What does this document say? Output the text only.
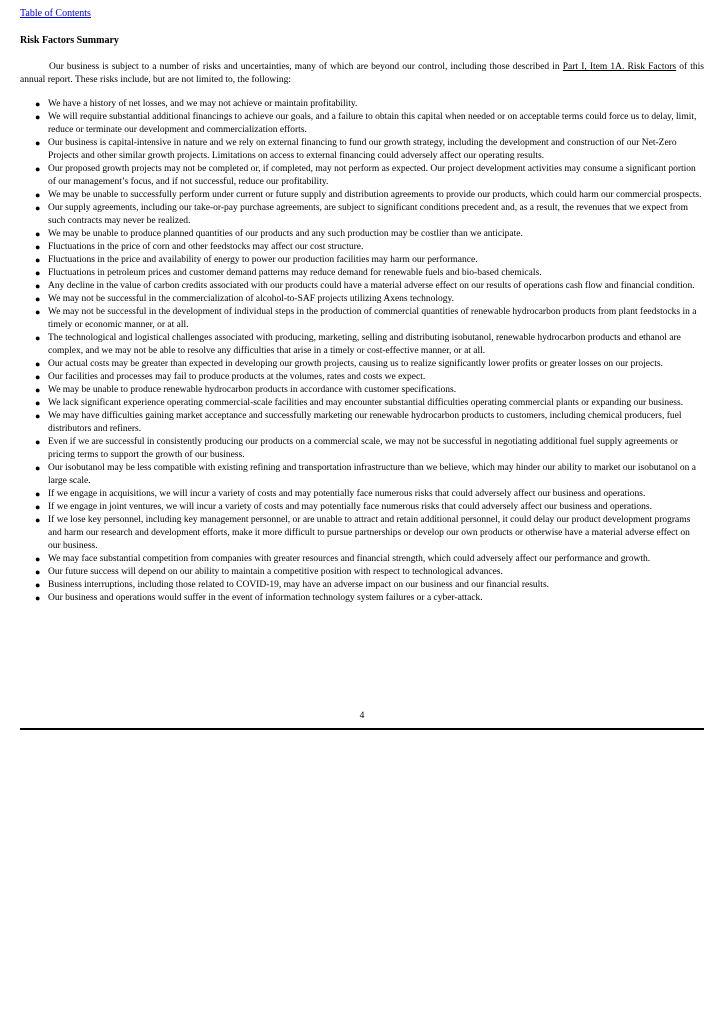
Table of Contents
Risk Factors Summary

Our business is subject to a number of risks and uncertainties, many of which are beyond our control, including those described in Part I, Item 1A. Risk Factors of this annual report. These risks include, but are not limited to, the following:

● We have a history of net losses, and we may not achieve or maintain profitability.
● We will require substantial additional financings to achieve our goals, and a failure to obtain this capital when needed or on acceptable terms could force us to delay, limit, reduce or terminate our development and commercialization efforts.
● Our business is capital-intensive in nature and we rely on external financing to fund our growth strategy, including the development and construction of our Net-Zero Projects and other similar growth projects. Limitations on access to external financing could adversely affect our operating results.
● Our proposed growth projects may not be completed or, if completed, may not perform as expected. Our project development activities may consume a significant portion of our management’s focus, and if not successful, reduce our profitability.
● We may be unable to successfully perform under current or future supply and distribution agreements to provide our products, which could harm our commercial prospects.
● Our supply agreements, including our take-or-pay purchase agreements, are subject to significant conditions precedent and, as a result, the revenues that we expect from such contracts may never be realized.
● We may be unable to produce planned quantities of our products and any such production may be costlier than we anticipate.
● Fluctuations in the price of corn and other feedstocks may affect our cost structure.
● Fluctuations in the price and availability of energy to power our production facilities may harm our performance.
● Fluctuations in petroleum prices and customer demand patterns may reduce demand for renewable fuels and bio-based chemicals.
● Any decline in the value of carbon credits associated with our products could have a material adverse effect on our results of operations cash flow and financial condition.
● We may not be successful in the commercialization of alcohol-to-SAF projects utilizing Axens technology.
● We may not be successful in the development of individual steps in the production of commercial quantities of renewable hydrocarbon products from plant feedstocks in a timely or economic manner, or at all.
● The technological and logistical challenges associated with producing, marketing, selling and distributing isobutanol, renewable hydrocarbon products and ethanol are complex, and we may not be able to resolve any difficulties that arise in a timely or cost-effective manner, or at all.
● Our actual costs may be greater than expected in developing our growth projects, causing us to realize significantly lower profits or greater losses on our projects.
● Our facilities and processes may fail to produce products at the volumes, rates and costs we expect.
● We may be unable to produce renewable hydrocarbon products in accordance with customer specifications.
● We lack significant experience operating commercial-scale facilities and may encounter substantial difficulties operating commercial plants or expanding our business.
● We may have difficulties gaining market acceptance and successfully marketing our renewable hydrocarbon products to customers, including chemical producers, fuel distributors and refiners.
● Even if we are successful in consistently producing our products on a commercial scale, we may not be successful in negotiating additional fuel supply agreements or pricing terms to support the growth of our business.
● Our isobutanol may be less compatible with existing refining and transportation infrastructure than we believe, which may hinder our ability to market our isobutanol on a large scale.
● If we engage in acquisitions, we will incur a variety of costs and may potentially face numerous risks that could adversely affect our business and operations.
● If we engage in joint ventures, we will incur a variety of costs and may potentially face numerous risks that could adversely affect our business and operations.
● If we lose key personnel, including key management personnel, or are unable to attract and retain additional personnel, it could delay our product development programs and harm our research and development efforts, make it more difficult to pursue partnerships or develop our own products or otherwise have a material adverse effect on our business.
● We may face substantial competition from companies with greater resources and financial strength, which could adversely affect our performance and growth.
● Our future success will depend on our ability to maintain a competitive position with respect to technological advances.
● Business interruptions, including those related to COVID-19, may have an adverse impact on our business and our financial results.
● Our business and operations would suffer in the event of information technology system failures or a cyber-attack.
4
